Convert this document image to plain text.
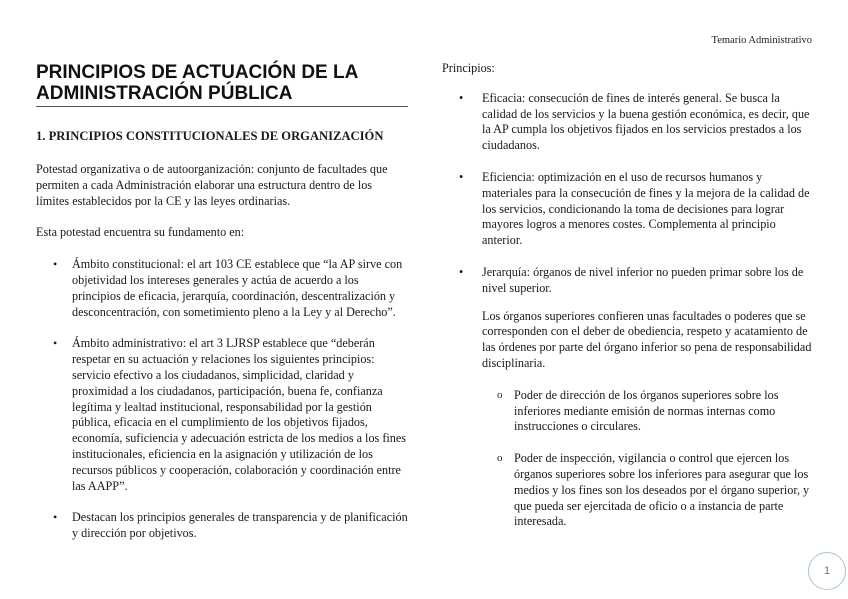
Temario Administrativo
PRINCIPIOS DE ACTUACIÓN DE LA ADMINISTRACIÓN PÚBLICA
1. PRINCIPIOS CONSTITUCIONALES DE ORGANIZACIÓN

Potestad organizativa o de autoorganización: conjunto de facultades que permiten a cada Administración elaborar una estructura dentro de los límites establecidos por la CE y las leyes ordinarias.

Esta potestad encuentra su fundamento en:

• Ámbito constitucional: el art 103 CE establece que “la AP sirve con objetividad los intereses generales y actúa de acuerdo a los principios de eficacia, jerarquía, coordinación, descentralización y desconcentración, con sometimiento pleno a la Ley y al Derecho”.
• Ámbito administrativo: el art 3 LJRSP establece que “deberán respetar en su actuación y relaciones los siguientes principios: servicio efectivo a los ciudadanos, simplicidad, claridad y proximidad a los ciudadanos, participación, buena fe, confianza legítima y lealtad institucional, responsabilidad por la gestión pública, eficacia en el cumplimiento de los objetivos fijados, economía, suficiencia y adecuación estricta de los medios a los fines institucionales, eficiencia en la asignación y utilización de los recursos públicos y cooperación, colaboración y coordinación entre las AAPP”.
• Destacan los principios generales de transparencia y de planificación y dirección por objetivos.
Principios:
• Eficacia: consecución de fines de interés general. Se busca la calidad de los servicios y la buena gestión económica, es decir, que la AP cumpla los objetivos fijados en los servicios prestados a los ciudadanos.
• Eficiencia: optimización en el uso de recursos humanos y materiales para la consecución de fines y la mejora de la calidad de los servicios, condicionando la toma de decisiones para lograr mayores logros a menores costes. Complementa al principio anterior.
• Jerarquía: órganos de nivel inferior no pueden primar sobre los de nivel superior.

Los órganos superiores confieren unas facultades o poderes que se corresponden con el deber de obediencia, respeto y acatamiento de las órdenes por parte del órgano inferior so pena de responsabilidad disciplinaria.

o Poder de dirección de los órganos superiores sobre los inferiores mediante emisión de normas internas como instrucciones o circulares.
o Poder de inspección, vigilancia o control que ejercen los órganos superiores sobre los inferiores para asegurar que los medios y los fines son los deseados por el órgano superior, y que pueda ser ejercitada de oficio o a instancia de parte interesada.
1
